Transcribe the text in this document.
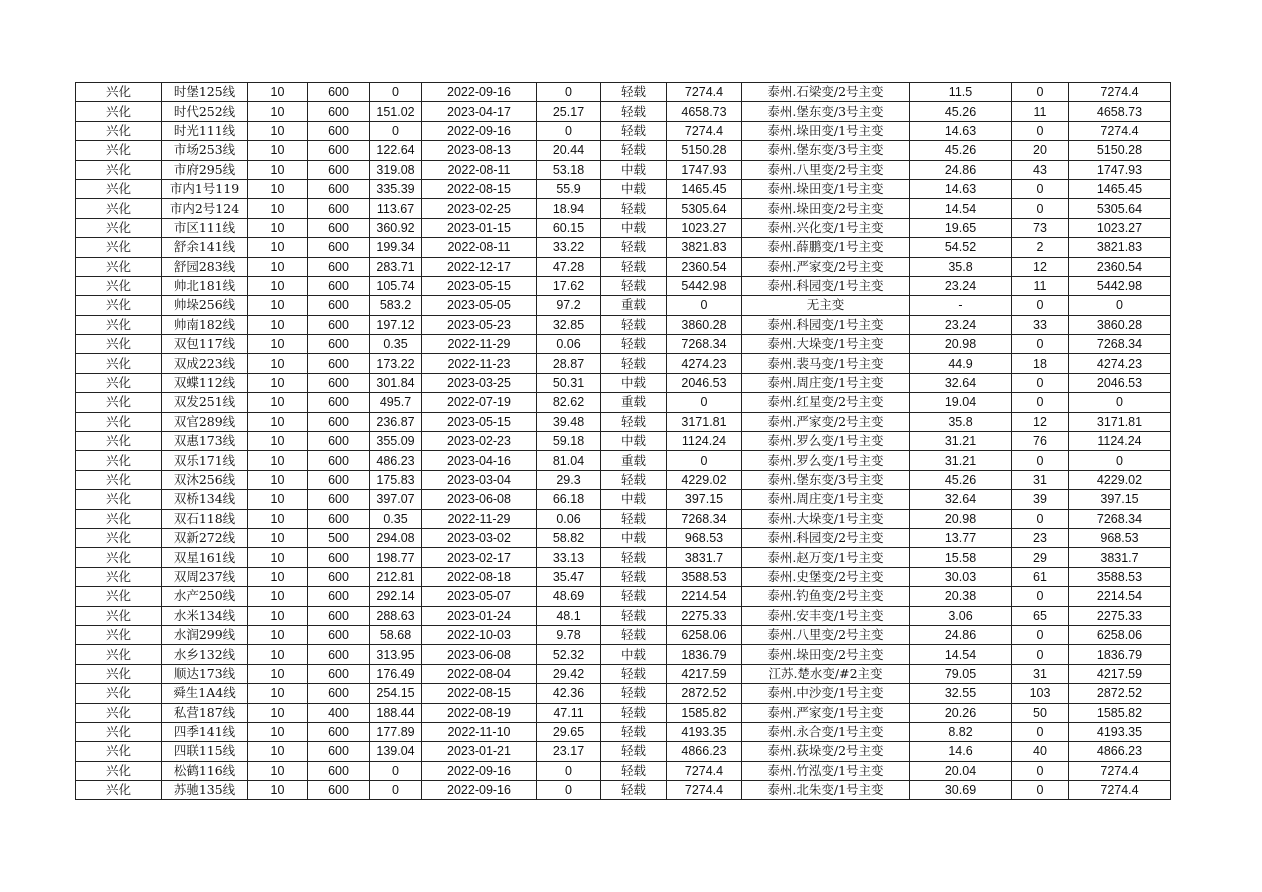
兴化	时堡125线	10	600	0	2022-09-16	0	轻载	7274.4	泰州.石梁变/2号主变	11.5	0	7274.4
兴化	时代252线	10	600	151.02	2023-04-17	25.17	轻载	4658.73	泰州.堡东变/3号主变	45.26	11	4658.73
兴化	时光111线	10	600	0	2022-09-16	0	轻载	7274.4	泰州.垛田变/1号主变	14.63	0	7274.4
兴化	市场253线	10	600	122.64	2023-08-13	20.44	轻载	5150.28	泰州.堡东变/3号主变	45.26	20	5150.28
兴化	市府295线	10	600	319.08	2022-08-11	53.18	中载	1747.93	泰州.八里变/2号主变	24.86	43	1747.93
兴化	市内1号119	10	600	335.39	2022-08-15	55.9	中载	1465.45	泰州.垛田变/1号主变	14.63	0	1465.45
兴化	市内2号124	10	600	113.67	2023-02-25	18.94	轻载	5305.64	泰州.垛田变/2号主变	14.54	0	5305.64
兴化	市区111线	10	600	360.92	2023-01-15	60.15	中载	1023.27	泰州.兴化变/1号主变	19.65	73	1023.27
兴化	舒余141线	10	600	199.34	2022-08-11	33.22	轻载	3821.83	泰州.薛鹏变/1号主变	54.52	2	3821.83
兴化	舒园283线	10	600	283.71	2022-12-17	47.28	轻载	2360.54	泰州.严家变/2号主变	35.8	12	2360.54
兴化	帅北181线	10	600	105.74	2023-05-15	17.62	轻载	5442.98	泰州.科园变/1号主变	23.24	11	5442.98
兴化	帅垛256线	10	600	583.2	2023-05-05	97.2	重载	0	无主变	-	0	0
兴化	帅南182线	10	600	197.12	2023-05-23	32.85	轻载	3860.28	泰州.科园变/1号主变	23.24	33	3860.28
兴化	双包117线	10	600	0.35	2022-11-29	0.06	轻载	7268.34	泰州.大垛变/1号主变	20.98	0	7268.34
兴化	双成223线	10	600	173.22	2022-11-23	28.87	轻载	4274.23	泰州.裴马变/1号主变	44.9	18	4274.23
兴化	双蝶112线	10	600	301.84	2023-03-25	50.31	中载	2046.53	泰州.周庄变/1号主变	32.64	0	2046.53
兴化	双发251线	10	600	495.7	2022-07-19	82.62	重载	0	泰州.红星变/2号主变	19.04	0	0
兴化	双官289线	10	600	236.87	2023-05-15	39.48	轻载	3171.81	泰州.严家变/2号主变	35.8	12	3171.81
兴化	双惠173线	10	600	355.09	2023-02-23	59.18	中载	1124.24	泰州.罗么变/1号主变	31.21	76	1124.24
兴化	双乐171线	10	600	486.23	2023-04-16	81.04	重载	0	泰州.罗么变/1号主变	31.21	0	0
兴化	双沐256线	10	600	175.83	2023-03-04	29.3	轻载	4229.02	泰州.堡东变/3号主变	45.26	31	4229.02
兴化	双桥134线	10	600	397.07	2023-06-08	66.18	中载	397.15	泰州.周庄变/1号主变	32.64	39	397.15
兴化	双石118线	10	600	0.35	2022-11-29	0.06	轻载	7268.34	泰州.大垛变/1号主变	20.98	0	7268.34
兴化	双新272线	10	500	294.08	2023-03-02	58.82	中载	968.53	泰州.科园变/2号主变	13.77	23	968.53
兴化	双星161线	10	600	198.77	2023-02-17	33.13	轻载	3831.7	泰州.赵万变/1号主变	15.58	29	3831.7
兴化	双周237线	10	600	212.81	2022-08-18	35.47	轻载	3588.53	泰州.史堡变/2号主变	30.03	61	3588.53
兴化	水产250线	10	600	292.14	2023-05-07	48.69	轻载	2214.54	泰州.钓鱼变/2号主变	20.38	0	2214.54
兴化	水米134线	10	600	288.63	2023-01-24	48.1	轻载	2275.33	泰州.安丰变/1号主变	3.06	65	2275.33
兴化	水润299线	10	600	58.68	2022-10-03	9.78	轻载	6258.06	泰州.八里变/2号主变	24.86	0	6258.06
兴化	水乡132线	10	600	313.95	2023-06-08	52.32	中载	1836.79	泰州.垛田变/2号主变	14.54	0	1836.79
兴化	顺达173线	10	600	176.49	2022-08-04	29.42	轻载	4217.59	江苏.楚水变/#2主变	79.05	31	4217.59
兴化	舜生1A4线	10	600	254.15	2022-08-15	42.36	轻载	2872.52	泰州.中沙变/1号主变	32.55	103	2872.52
兴化	私营187线	10	400	188.44	2022-08-19	47.11	轻载	1585.82	泰州.严家变/1号主变	20.26	50	1585.82
兴化	四季141线	10	600	177.89	2022-11-10	29.65	轻载	4193.35	泰州.永合变/1号主变	8.82	0	4193.35
兴化	四联115线	10	600	139.04	2023-01-21	23.17	轻载	4866.23	泰州.荻垛变/2号主变	14.6	40	4866.23
兴化	松鹤116线	10	600	0	2022-09-16	0	轻载	7274.4	泰州.竹泓变/1号主变	20.04	0	7274.4
兴化	苏驰135线	10	600	0	2022-09-16	0	轻载	7274.4	泰州.北朱变/1号主变	30.69	0	7274.4
